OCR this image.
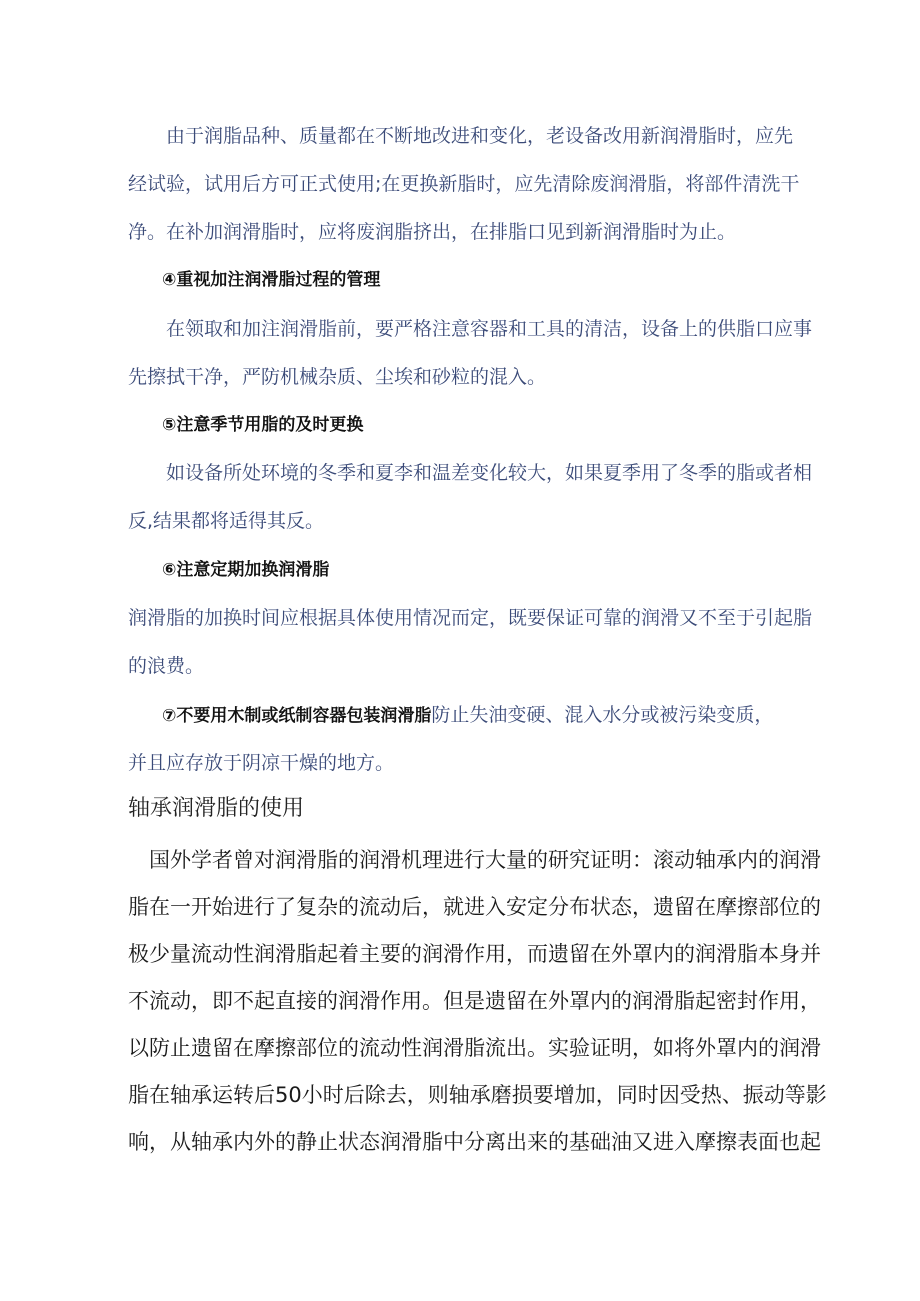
由于润脂品种、质量都在不断地改进和变化，老设备改用新润滑脂时，应先
经试验，试用后方可正式使用;在更换新脂时，应先清除废润滑脂，将部件清洗干
净。在补加润滑脂时，应将废润脂挤出，在排脂口见到新润滑脂时为止。
④重视加注润滑脂过程的管理
在领取和加注润滑脂前，要严格注意容器和工具的清洁，设备上的供脂口应事
先擦拭干净，严防机械杂质、尘埃和砂粒的混入。
⑤注意季节用脂的及时更换
如设备所处环境的冬季和夏李和温差变化较大，如果夏季用了冬季的脂或者相
反,结果都将适得其反。
⑥注意定期加换润滑脂
润滑脂的加换时间应根据具体使用情况而定，既要保证可靠的润滑又不至于引起脂
的浪费。
⑦不要用木制或纸制容器包装润滑脂防止失油变硬、混入水分或被污染变质，
并且应存放于阴凉干燥的地方。
轴承润滑脂的使用
国外学者曾对润滑脂的润滑机理进行大量的研究证明：滚动轴承内的润滑
脂在一开始进行了复杂的流动后，就进入安定分布状态，遗留在摩擦部位的
极少量流动性润滑脂起着主要的润滑作用，而遗留在外罩内的润滑脂本身并
不流动，即不起直接的润滑作用。但是遗留在外罩内的润滑脂起密封作用，
以防止遗留在摩擦部位的流动性润滑脂流出。实验证明，如将外罩内的润滑
脂在轴承运转后50小时后除去，则轴承磨损要增加，同时因受热、振动等影
响，从轴承内外的静止状态润滑脂中分离出来的基础油又进入摩擦表面也起
